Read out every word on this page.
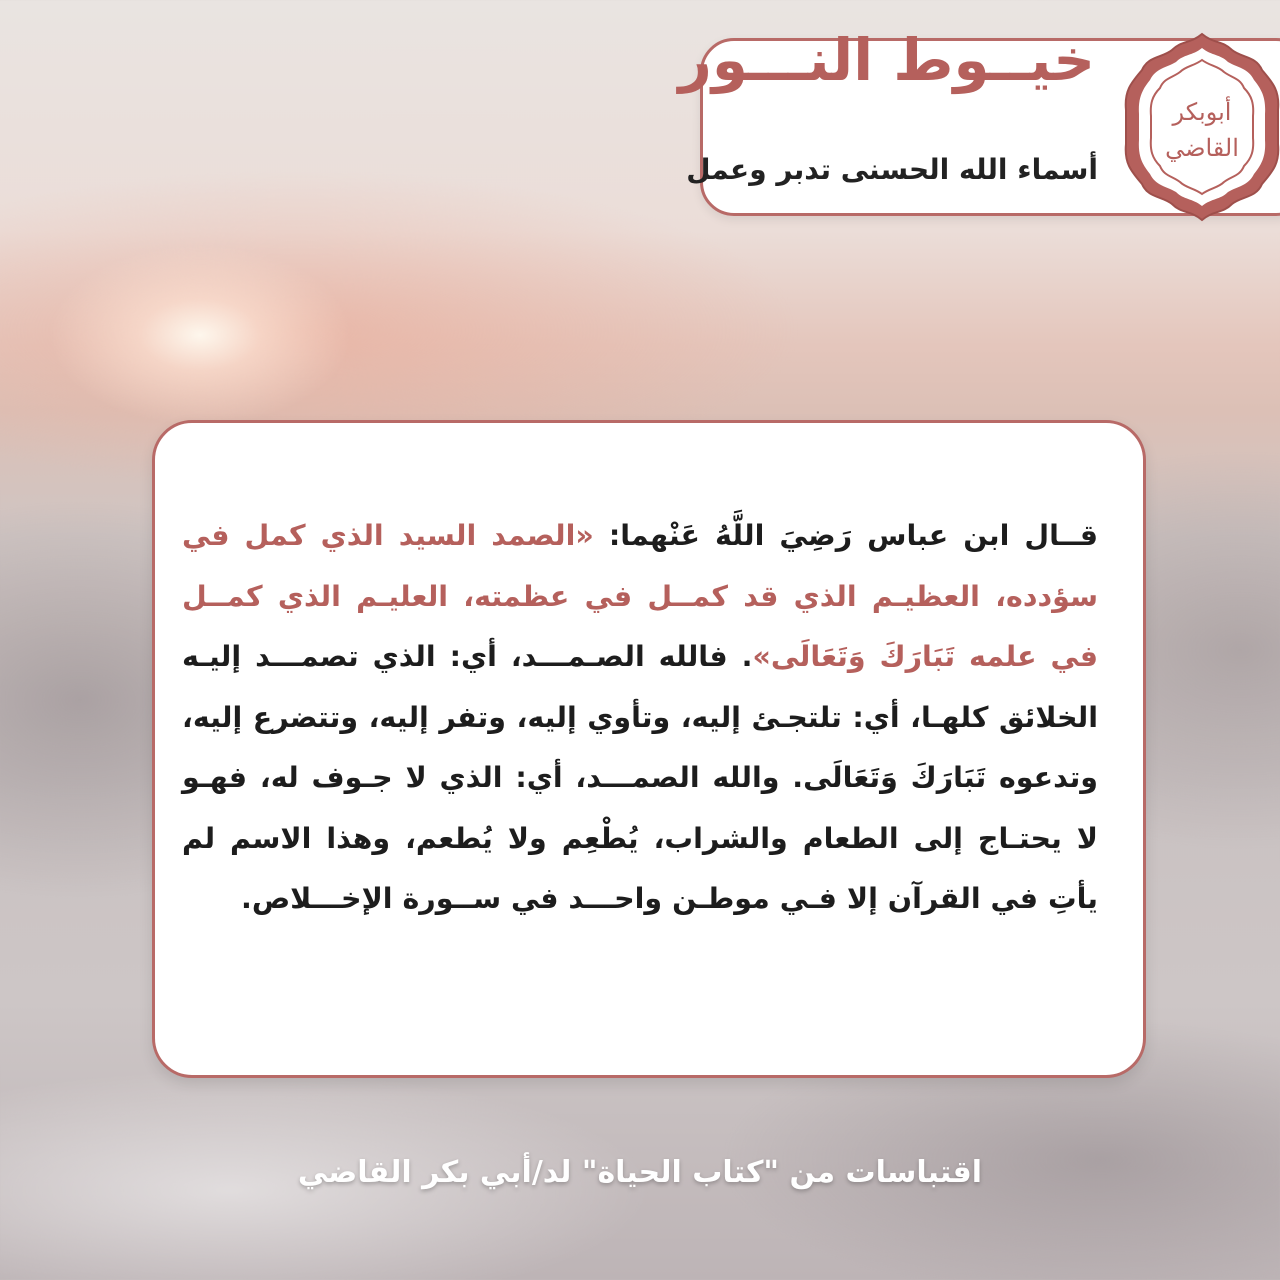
خيــوط النـــور

أسماء الله الحسنى تدبر وعمل

أبوبكر
القاضي

قــال ابن عباس رَضِيَ اللَّهُ عَنْهما: «الصمد السيد الذي كمل في سؤدده، العظيـم الذي قد كمــل في عظمته، العليـم الذي كمــل في علمه تَبَارَكَ وَتَعَالَى». فالله الصـمـــد، أي: الذي تصمـــد إليـه الخلائق كلهـا، أي: تلتجـئ إليه، وتأوي إليه، وتفر إليه، وتتضرع إليه، وتدعوه تَبَارَكَ وَتَعَالَى. والله الصمـــد، أي: الذي لا جـوف له، فهـو لا يحتـاج إلى الطعام والشراب، يُطْعِم ولا يُطعم، وهذا الاسم لم يأتِ في القرآن إلا فـي موطـن واحـــد في ســورة الإخـــلاص.

اقتباسات من "كتاب الحياة" لد/أبي بكر القاضي
